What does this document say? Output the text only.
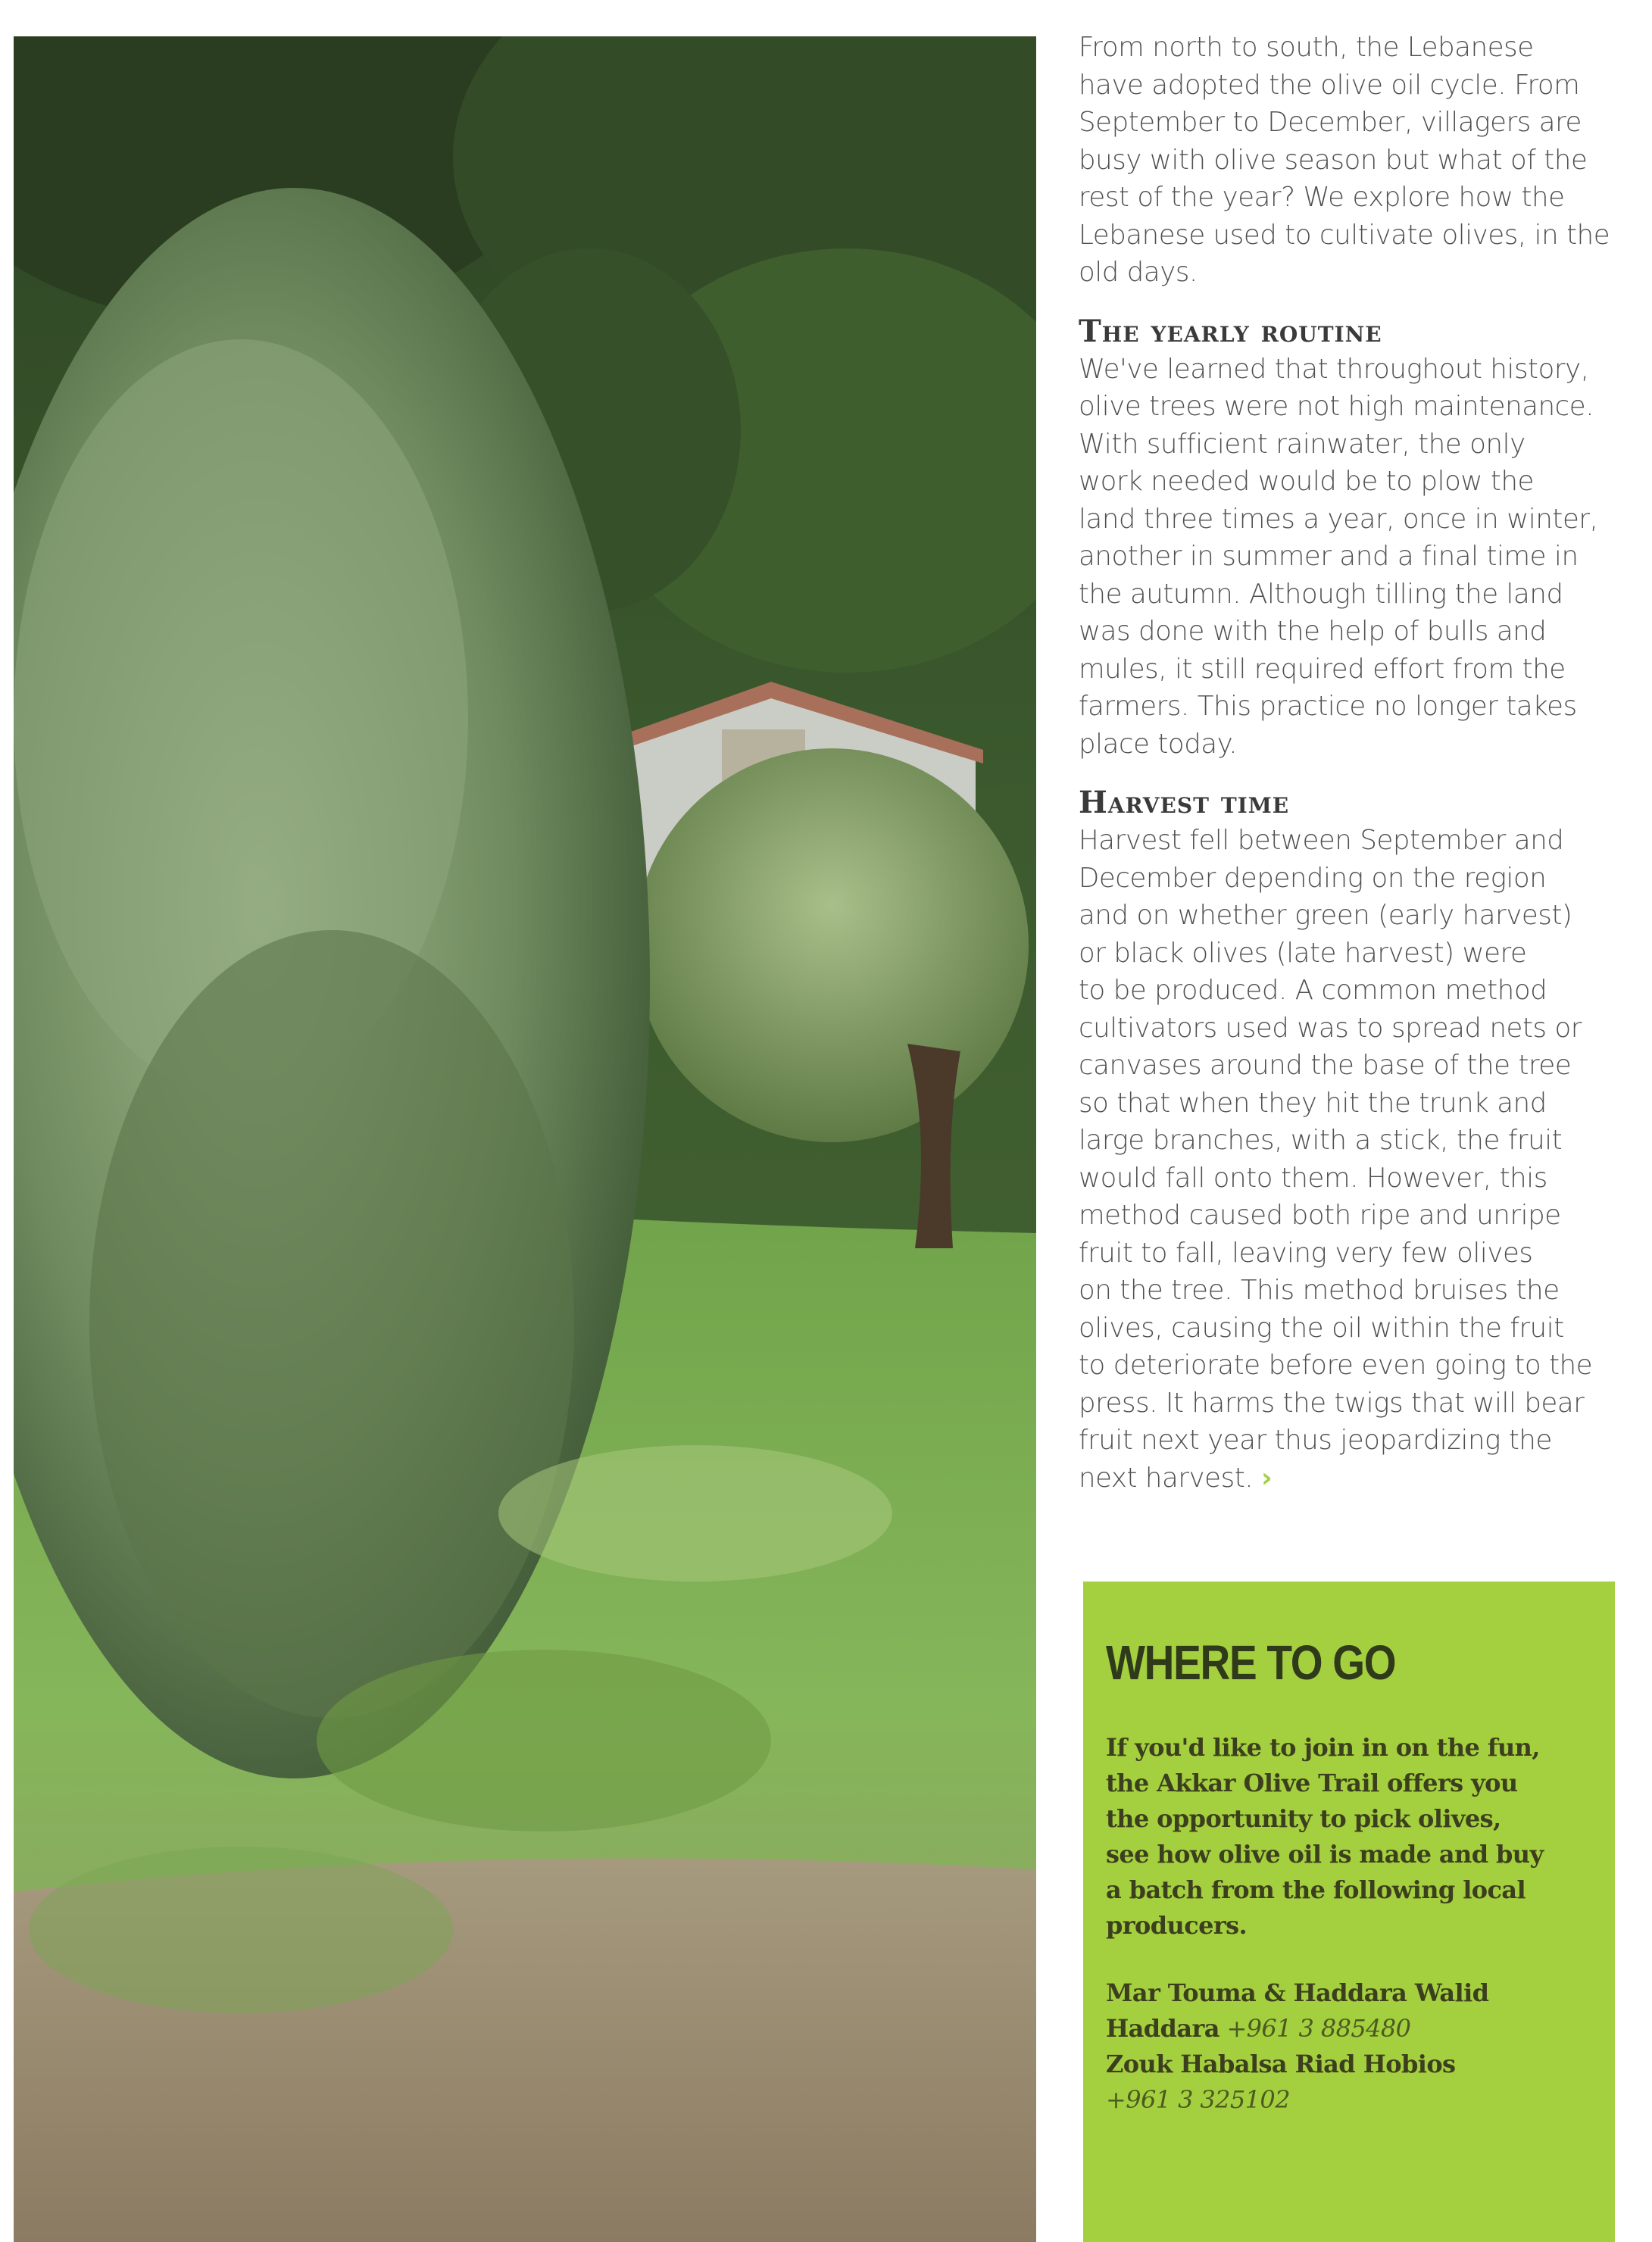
From north to south, the Lebanese
have adopted the olive oil cycle. From
September to December, villagers are
busy with olive season but what of the
rest of the year? We explore how the
Lebanese used to cultivate olives, in the
old days.

The yearly routine

We've learned that throughout history,
olive trees were not high maintenance.
With sufficient rainwater, the only
work needed would be to plow the
land three times a year, once in winter,
another in summer and a final time in
the autumn. Although tilling the land
was done with the help of bulls and
mules, it still required effort from the
farmers. This practice no longer takes
place today.

Harvest time

Harvest fell between September and
December depending on the region
and on whether green (early harvest)
or black olives (late harvest) were
to be produced. A common method
cultivators used was to spread nets or
canvases around the base of the tree
so that when they hit the trunk and
large branches, with a stick, the fruit
would fall onto them. However, this
method caused both ripe and unripe
fruit to fall, leaving very few olives
on the tree. This method bruises the
olives, causing the oil within the fruit
to deteriorate before even going to the
press. It harms the twigs that will bear
fruit next year thus jeopardizing the
next harvest. ›

WHERE TO GO

If you'd like to join in on the fun,
the Akkar Olive Trail offers you
the opportunity to pick olives,
see how olive oil is made and buy
a batch from the following local
producers.

Mar Touma & Haddara Walid Haddara +961 3 885480
Zouk Habalsa Riad Hobios
+961 3 325102
